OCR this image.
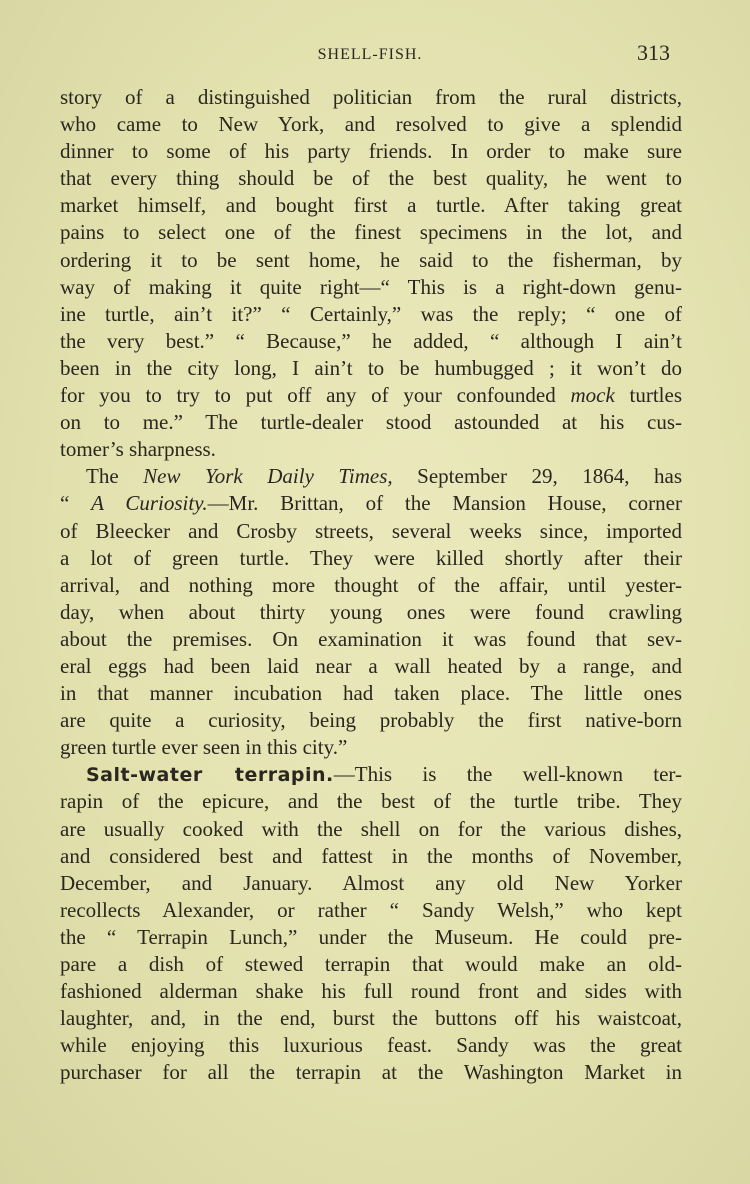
SHELL-FISH.	313
story of a distinguished politician from the rural districts,
who came to New York, and resolved to give a splendid
dinner to some of his party friends. In order to make sure
that every thing should be of the best quality, he went to
market himself, and bought first a turtle. After taking great
pains to select one of the finest specimens in the lot, and
ordering it to be sent home, he said to the fisherman, by
way of making it quite right—“ This is a right-down genu-
ine turtle, ain’t it?” “ Certainly,” was the reply; “ one of
the very best.” “ Because,” he added, “ although I ain’t
been in the city long, I ain’t to be humbugged ; it won’t do
for you to try to put off any of your confounded mock turtles
on to me.” The turtle-dealer stood astounded at his cus-
tomer’s sharpness.
The New York Daily Times, September 29, 1864, has
“ A Curiosity.—Mr. Brittan, of the Mansion House, corner
of Bleecker and Crosby streets, several weeks since, imported
a lot of green turtle. They were killed shortly after their
arrival, and nothing more thought of the affair, until yester-
day, when about thirty young ones were found crawling
about the premises. On examination it was found that sev-
eral eggs had been laid near a wall heated by a range, and
in that manner incubation had taken place. The little ones
are quite a curiosity, being probably the first native-born
green turtle ever seen in this city.”
Salt-water terrapin.—This is the well-known ter-
rapin of the epicure, and the best of the turtle tribe. They
are usually cooked with the shell on for the various dishes,
and considered best and fattest in the months of November,
December, and January. Almost any old New Yorker
recollects Alexander, or rather “ Sandy Welsh,” who kept
the “ Terrapin Lunch,” under the Museum. He could pre-
pare a dish of stewed terrapin that would make an old-
fashioned alderman shake his full round front and sides with
laughter, and, in the end, burst the buttons off his waistcoat,
while enjoying this luxurious feast. Sandy was the great
purchaser for all the terrapin at the Washington Market in
